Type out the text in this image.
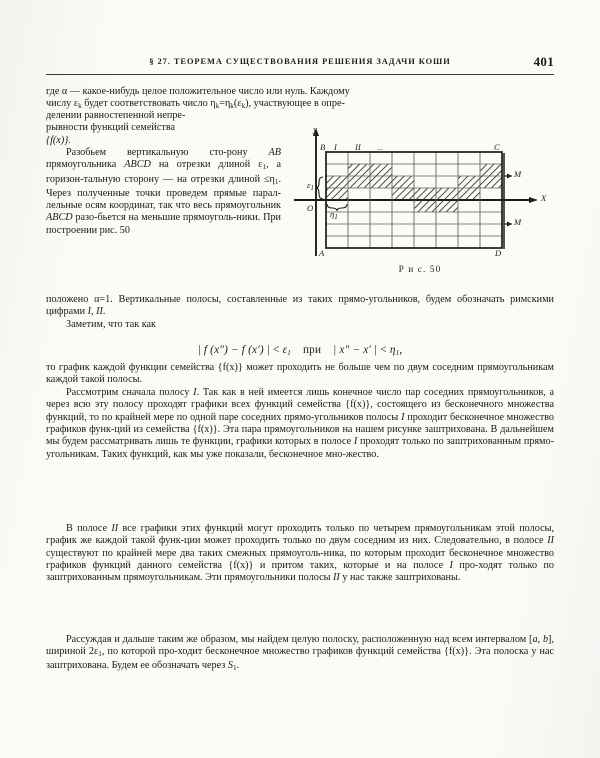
§ 27. ТЕОРЕМА СУЩЕСТВОВАНИЯ РЕШЕНИЯ ЗАДАЧИ КОШИ	401
B I II ...	C
A	D
y
X
O
$\varepsilon_1$
$\eta_1$
M
M
Р и с. 50

где α — какое-нибудь целое положительное число или нуль. Каждому

числу $\varepsilon_k$ будет соответствовать число $\eta_k=\eta_k(\varepsilon_k)$, участвующее в опре-

делении равностепенной непре-

рывности функций семейства

{f(x)}.

Разобьем вертикальную сто-рону AB прямоугольника ABCD на отрезки длиной $\varepsilon_1$, а горизон-тальную сторону — на отрезки длиной $\le\eta_1$. Через полученные точки проведем прямые парал-лельные осям координат, так что весь прямоугольник ABCD разо-бьется на меньшие прямоуголь-ники. При построении рис. 50

положено α=1. Вертикальные полосы, составленные из таких прямо-угольников, будем обозначать римскими цифрами I, II.

Заметим, что так как

| f (x″) − f (x′) | < $\varepsilon_1$ при | x″ − x′ | < $\eta_1$,

то график каждой функции семейства {f(x)} может проходить не больше чем по двум соседним прямоугольникам каждой такой полосы.

Рассмотрим сначала полосу I. Так как в ней имеется лишь конечное число пар соседних прямоугольников, а через всю эту полосу проходят графики всех функций семейства {f(x)}, состоящего из бесконечного множества функций, то по крайней мере по одной паре соседних прямо-угольников полосы I проходит бесконечное множество графиков функ-ций из семейства {f(x)}. Эта пара прямоугольников на нашем рисунке заштрихована. В дальнейшем мы будем рассматривать лишь те функции, графики которых в полосе I проходят только по заштрихованным прямо-угольникам. Таких функций, как мы уже показали, бесконечное мно-жество.

В полосе II все графики этих функций могут проходить только по четырем прямоугольникам этой полосы, график же каждой такой функ-ции может проходить только по двум соседним из них. Следовательно, в полосе II существуют по крайней мере два таких смежных прямоуголь-ника, по которым проходит бесконечное множество графиков функций данного семейства {f(x)} и притом таких, которые и на полосе I про-ходят только по заштрихованным прямоугольникам. Эти прямоугольники полосы II у нас также заштрихованы.

Рассуждая и дальше таким же образом, мы найдем целую полоску, расположенную над всем интервалом [a, b], шириной $2\varepsilon_1$, по которой про-ходит бесконечное множество графиков функций семейства {f(x)}. Эта полоска у нас заштрихована. Будем ее обозначать через $S_1$.
